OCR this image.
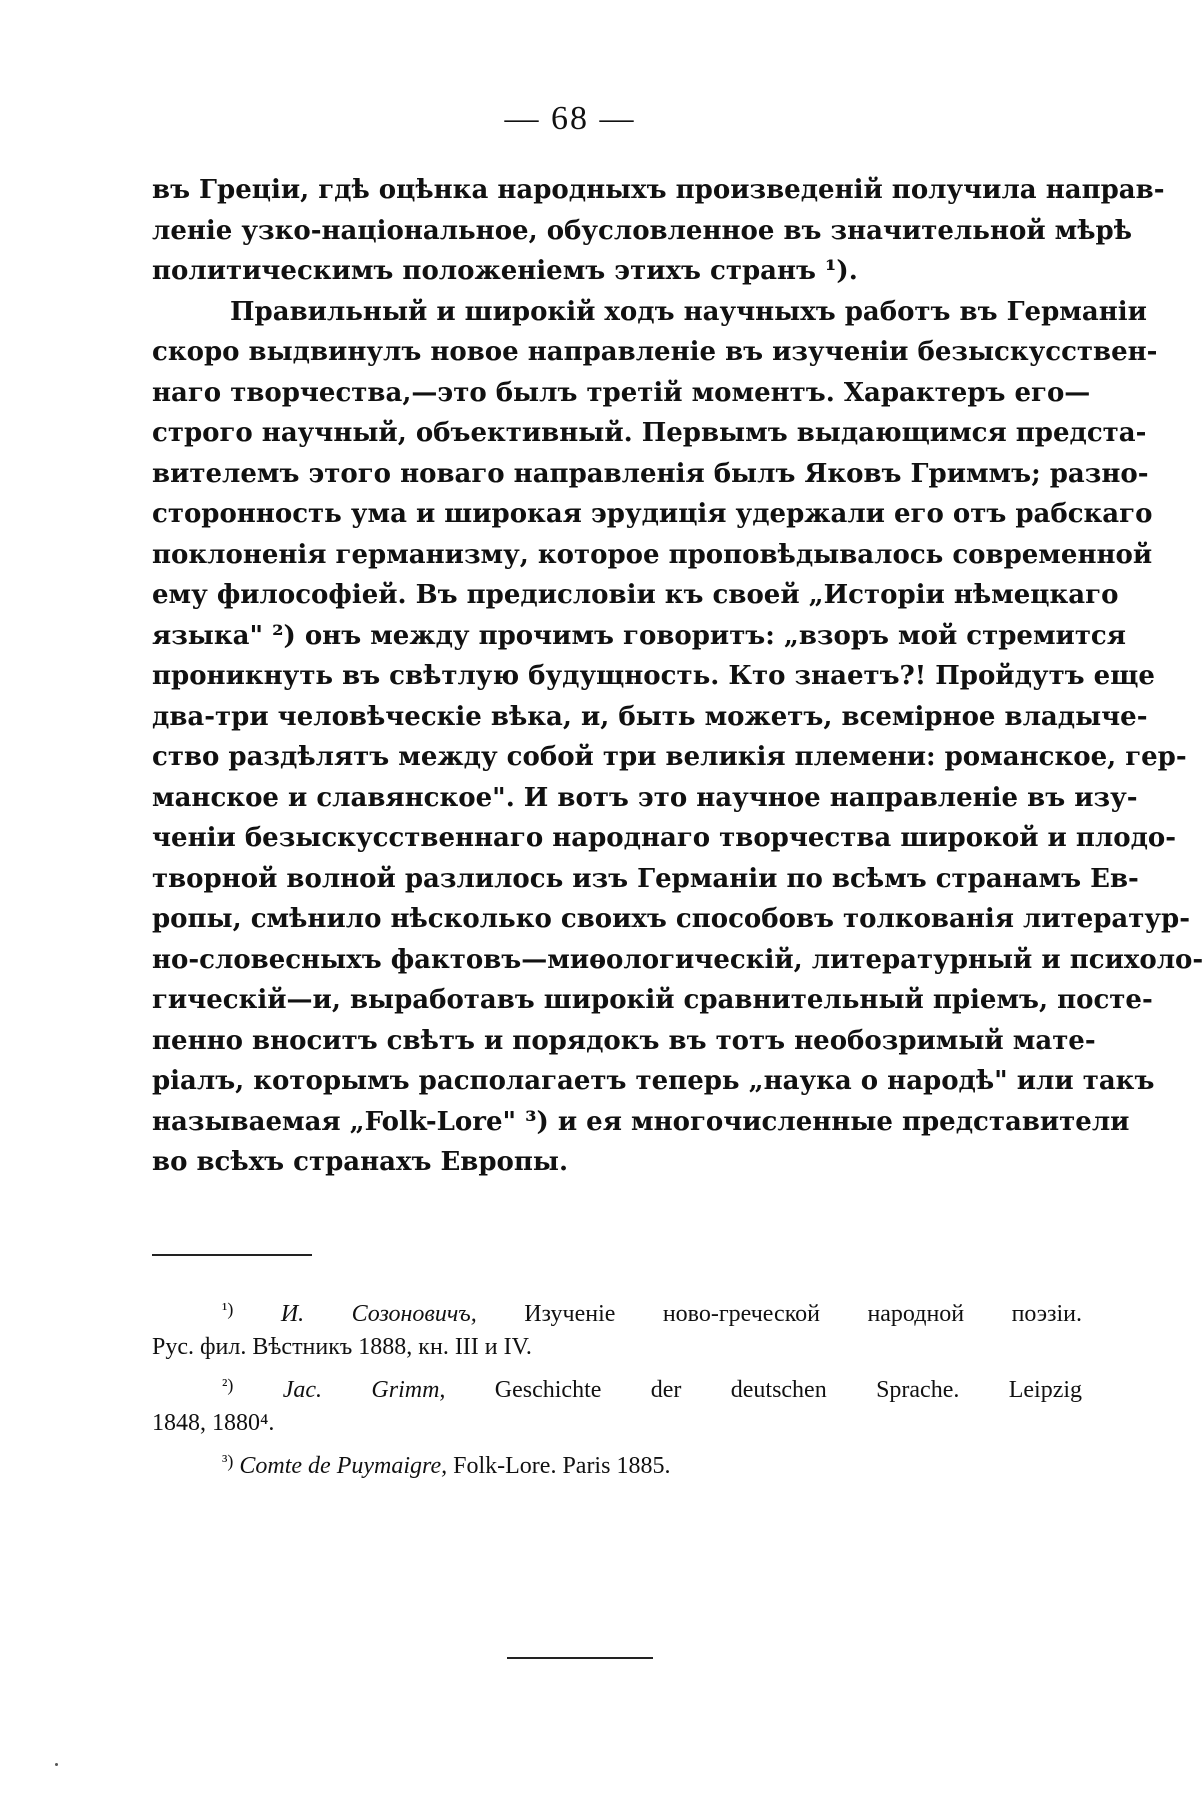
— 68 —
въ Греціи, гдѣ оцѣнка народныхъ произведеній получила направ-
леніе узко-національное, обусловленное въ значительной мѣрѣ
политическимъ положеніемъ этихъ странъ ¹).
Правильный и широкій ходъ научныхъ работъ въ Германіи
скоро выдвинулъ новое направленіе въ изученіи безыскусствен-
наго творчества,—это былъ третій моментъ. Характеръ его—
строго научный, объективный. Первымъ выдающимся предста-
вителемъ этого новаго направленія былъ Яковъ Гриммъ; разно-
сторонность ума и широкая эрудиція удержали его отъ рабскаго
поклоненія германизму, которое проповѣдывалось современной
ему философіей. Въ предисловіи къ своей „Исторіи нѣмецкаго
языка" ²) онъ между прочимъ говоритъ: „взоръ мой стремится
проникнуть въ свѣтлую будущность. Кто знаетъ?! Пройдутъ еще
два-три человѣческіе вѣка, и, быть можетъ, всемірное владыче-
ство раздѣлятъ между собой три великія племени: романское, гер-
манское и славянское". И вотъ это научное направленіе въ изу-
ченіи безыскусственнаго народнаго творчества широкой и плодо-
творной волной разлилось изъ Германіи по всѣмъ странамъ Ев-
ропы, смѣнило нѣсколько своихъ способовъ толкованія литератур-
но-словесныхъ фактовъ—миѳологическій, литературный и психоло-
гическій—и, выработавъ широкій сравнительный пріемъ, посте-
пенно вноситъ свѣтъ и порядокъ въ тотъ необозримый мате-
ріалъ, которымъ располагаетъ теперь „наука о народѣ" или такъ
называемая „Folk-Lore" ³) и ея многочисленные представители
во всѣхъ странахъ Европы.
$^{^1)}$ И. Созоновичъ, Изученіе ново-греческой народной поэзіи.
Рус. фил. Вѣстникъ 1888, кн. III и IV.
$^{^2)}$ Jac. Grimm, Geschichte der deutschen Sprache. Leipzig
1848, 1880⁴.
$^{^3)}$ Comte de Puymaigre, Folk-Lore. Paris 1885.
